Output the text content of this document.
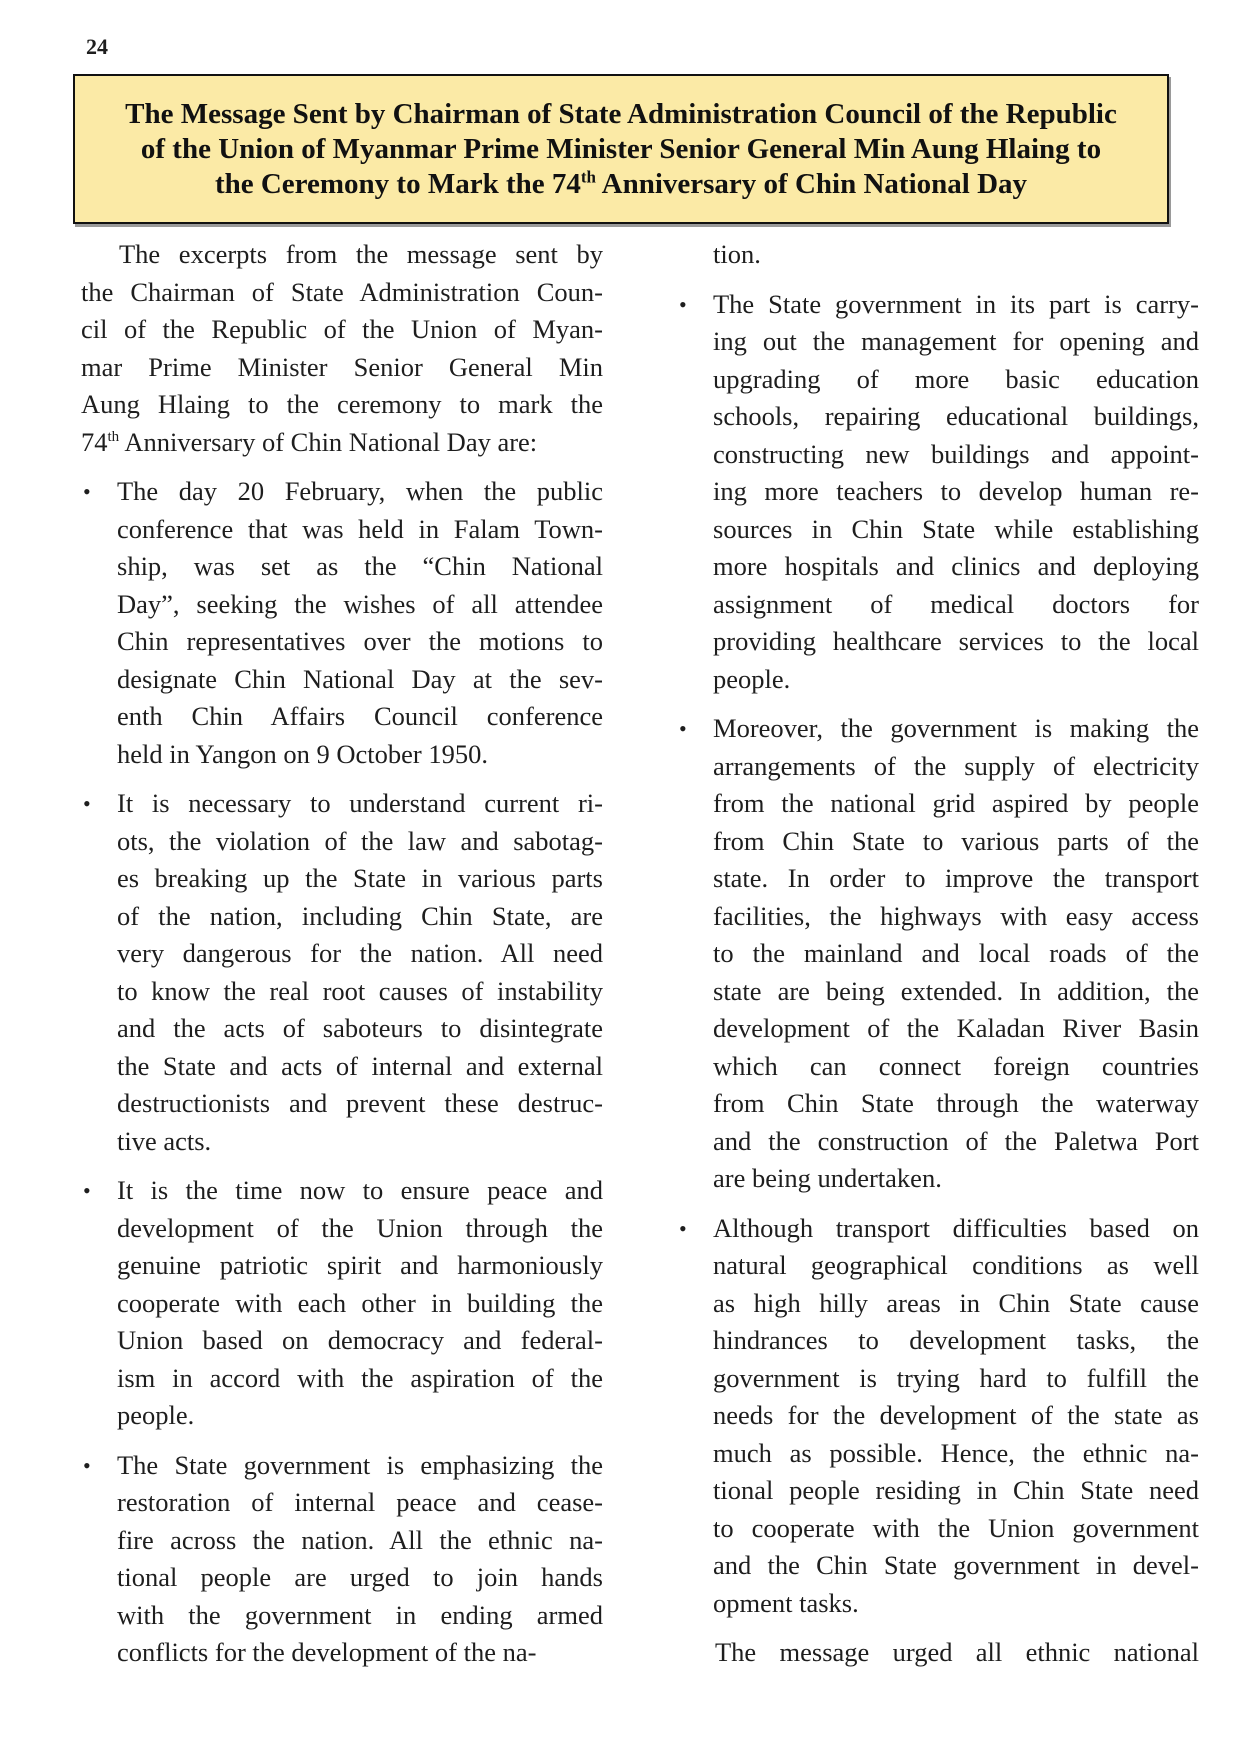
24
The Message Sent by Chairman of State Administration Council of the Republic
of the Union of Myanmar Prime Minister Senior General Min Aung Hlaing to
the Ceremony to Mark the 74th Anniversary of Chin National Day
The excerpts from the message sent by
the Chairman of State Administration Coun-
cil of the Republic of the Union of Myan-
mar Prime Minister Senior General Min
Aung Hlaing to the ceremony to mark the
74th Anniversary of Chin National Day are:
• The day 20 February, when the public
conference that was held in Falam Town-
ship, was set as the “Chin National
Day”, seeking the wishes of all attendee
Chin representatives over the motions to
designate Chin National Day at the sev-
enth Chin Affairs Council conference
held in Yangon on 9 October 1950.
• It is necessary to understand current ri-
ots, the violation of the law and sabotag-
es breaking up the State in various parts
of the nation, including Chin State, are
very dangerous for the nation. All need
to know the real root causes of instability
and the acts of saboteurs to disintegrate
the State and acts of internal and external
destructionists and prevent these destruc-
tive acts.
• It is the time now to ensure peace and
development of the Union through the
genuine patriotic spirit and harmoniously
cooperate with each other in building the
Union based on democracy and federal-
ism in accord with the aspiration of the
people.
• The State government is emphasizing the
restoration of internal peace and cease-
fire across the nation. All the ethnic na-
tional people are urged to join hands
with the government in ending armed
conflicts for the development of the na-
tion.
• The State government in its part is carry-
ing out the management for opening and
upgrading of more basic education
schools, repairing educational buildings,
constructing new buildings and appoint-
ing more teachers to develop human re-
sources in Chin State while establishing
more hospitals and clinics and deploying
assignment of medical doctors for
providing healthcare services to the local
people.
• Moreover, the government is making the
arrangements of the supply of electricity
from the national grid aspired by people
from Chin State to various parts of the
state. In order to improve the transport
facilities, the highways with easy access
to the mainland and local roads of the
state are being extended. In addition, the
development of the Kaladan River Basin
which can connect foreign countries
from Chin State through the waterway
and the construction of the Paletwa Port
are being undertaken.
• Although transport difficulties based on
natural geographical conditions as well
as high hilly areas in Chin State cause
hindrances to development tasks, the
government is trying hard to fulfill the
needs for the development of the state as
much as possible. Hence, the ethnic na-
tional people residing in Chin State need
to cooperate with the Union government
and the Chin State government in devel-
opment tasks.
The message urged all ethnic national
